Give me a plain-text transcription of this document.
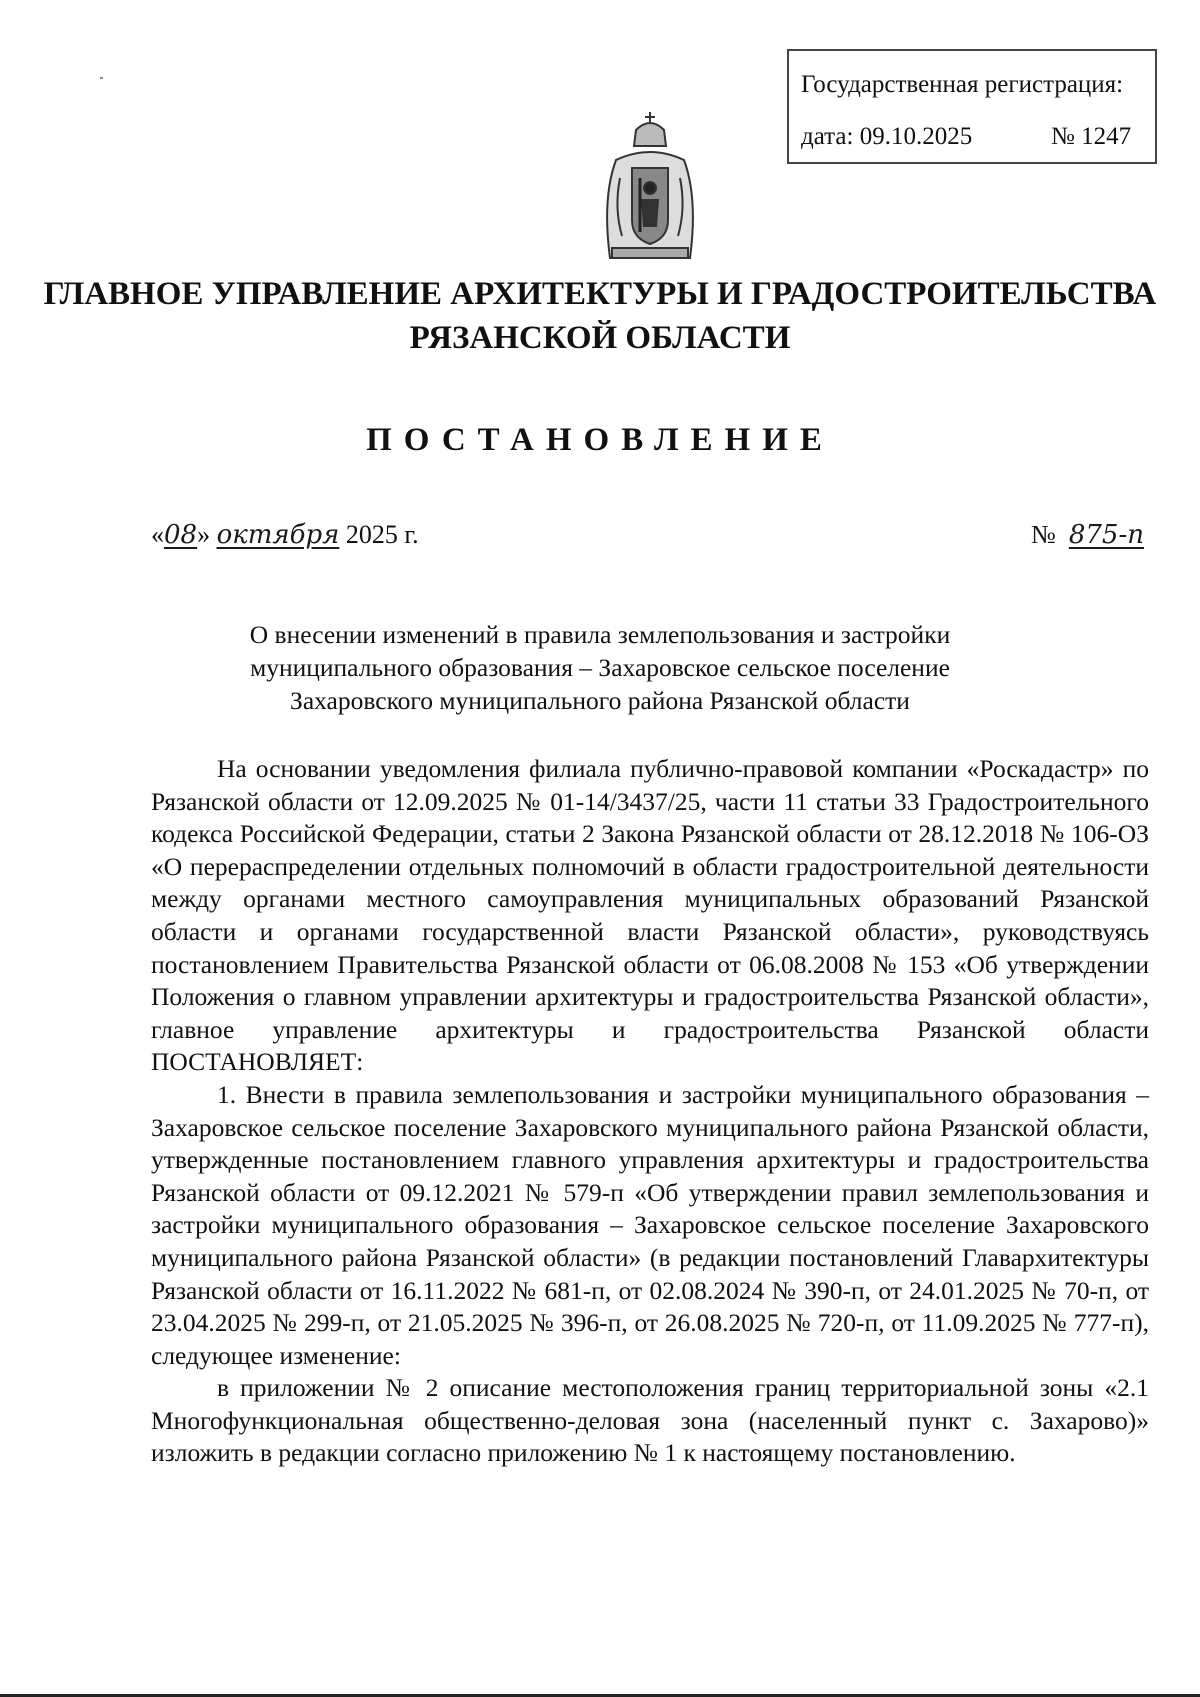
Государственная регистрация:
дата: 09.10.2025	№ 1247
ГЛАВНОЕ УПРАВЛЕНИЕ АРХИТЕКТУРЫ И ГРАДОСТРОИТЕЛЬСТВА
РЯЗАНСКОЙ ОБЛАСТИ
ПОСТАНОВЛЕНИЕ
«08» октября 2025 г.	№ 875-п
О внесении изменений в правила землепользования и застройки
муниципального образования – Захаровское сельское поселение
Захаровского муниципального района Рязанской области

На основании уведомления филиала публично-правовой компании «Роскадастр» по Рязанской области от 12.09.2025 № 01-14/3437/25, части 11 статьи 33 Градостроительного кодекса Российской Федерации, статьи 2 Закона Рязанской области от 28.12.2018 № 106-ОЗ «О перераспределении отдельных полномочий в области градостроительной деятельности между органами местного самоуправления муниципальных образований Рязанской области и органами государственной власти Рязанской области», руководствуясь постановлением Правительства Рязанской области от 06.08.2008 № 153 «Об утверждении Положения о главном управлении архитектуры и градостроительства Рязанской области», главное управление архитектуры и градостроительства Рязанской области ПОСТАНОВЛЯЕТ:

1. Внести в правила землепользования и застройки муниципального образования – Захаровское сельское поселение Захаровского муниципального района Рязанской области, утвержденные постановлением главного управления архитектуры и градостроительства Рязанской области от 09.12.2021 № 579-п «Об утверждении правил землепользования и застройки муниципального образования – Захаровское сельское поселение Захаровского муниципального района Рязанской области» (в редакции постановлений Главархитектуры Рязанской области от 16.11.2022 № 681-п, от 02.08.2024 № 390-п, от 24.01.2025 № 70-п, от 23.04.2025 № 299-п, от 21.05.2025 № 396-п, от 26.08.2025 № 720-п, от 11.09.2025 № 777-п), следующее изменение:

в приложении № 2 описание местоположения границ территориальной зоны «2.1 Многофункциональная общественно-деловая зона (населенный пункт с. Захарово)» изложить в редакции согласно приложению № 1 к настоящему постановлению.
